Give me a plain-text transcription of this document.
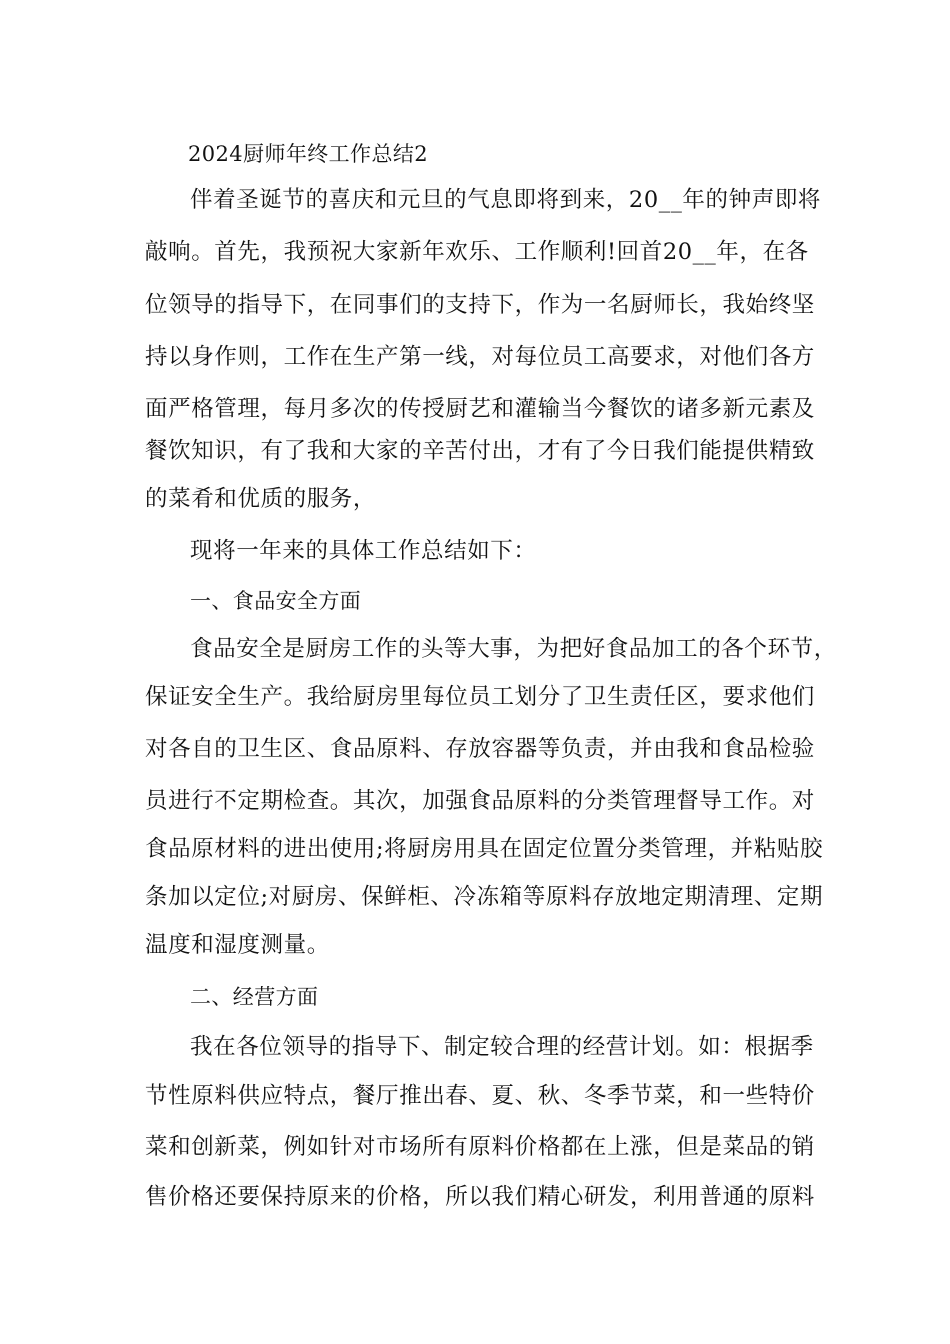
2024厨师年终工作总结2
伴着圣诞节的喜庆和元旦的气息即将到来，20__年的钟声即将
敲响。首先，我预祝大家新年欢乐、工作顺利!回首20__年，在各
位领导的指导下，在同事们的支持下，作为一名厨师长，我始终坚
持以身作则，工作在生产第一线，对每位员工高要求，对他们各方
面严格管理，每月多次的传授厨艺和灌输当今餐饮的诸多新元素及
餐饮知识，有了我和大家的辛苦付出，才有了今日我们能提供精致
的菜肴和优质的服务，
现将一年来的具体工作总结如下：
一、食品安全方面
食品安全是厨房工作的头等大事，为把好食品加工的各个环节，
保证安全生产。我给厨房里每位员工划分了卫生责任区，要求他们
对各自的卫生区、食品原料、存放容器等负责，并由我和食品检验
员进行不定期检查。其次，加强食品原料的分类管理督导工作。对
食品原材料的进出使用;将厨房用具在固定位置分类管理，并粘贴胶
条加以定位;对厨房、保鲜柜、冷冻箱等原料存放地定期清理、定期
温度和湿度测量。
二、经营方面
我在各位领导的指导下、制定较合理的经营计划。如：根据季
节性原料供应特点，餐厅推出春、夏、秋、冬季节菜，和一些特价
菜和创新菜，例如针对市场所有原料价格都在上涨，但是菜品的销
售价格还要保持原来的价格，所以我们精心研发，利用普通的原料
